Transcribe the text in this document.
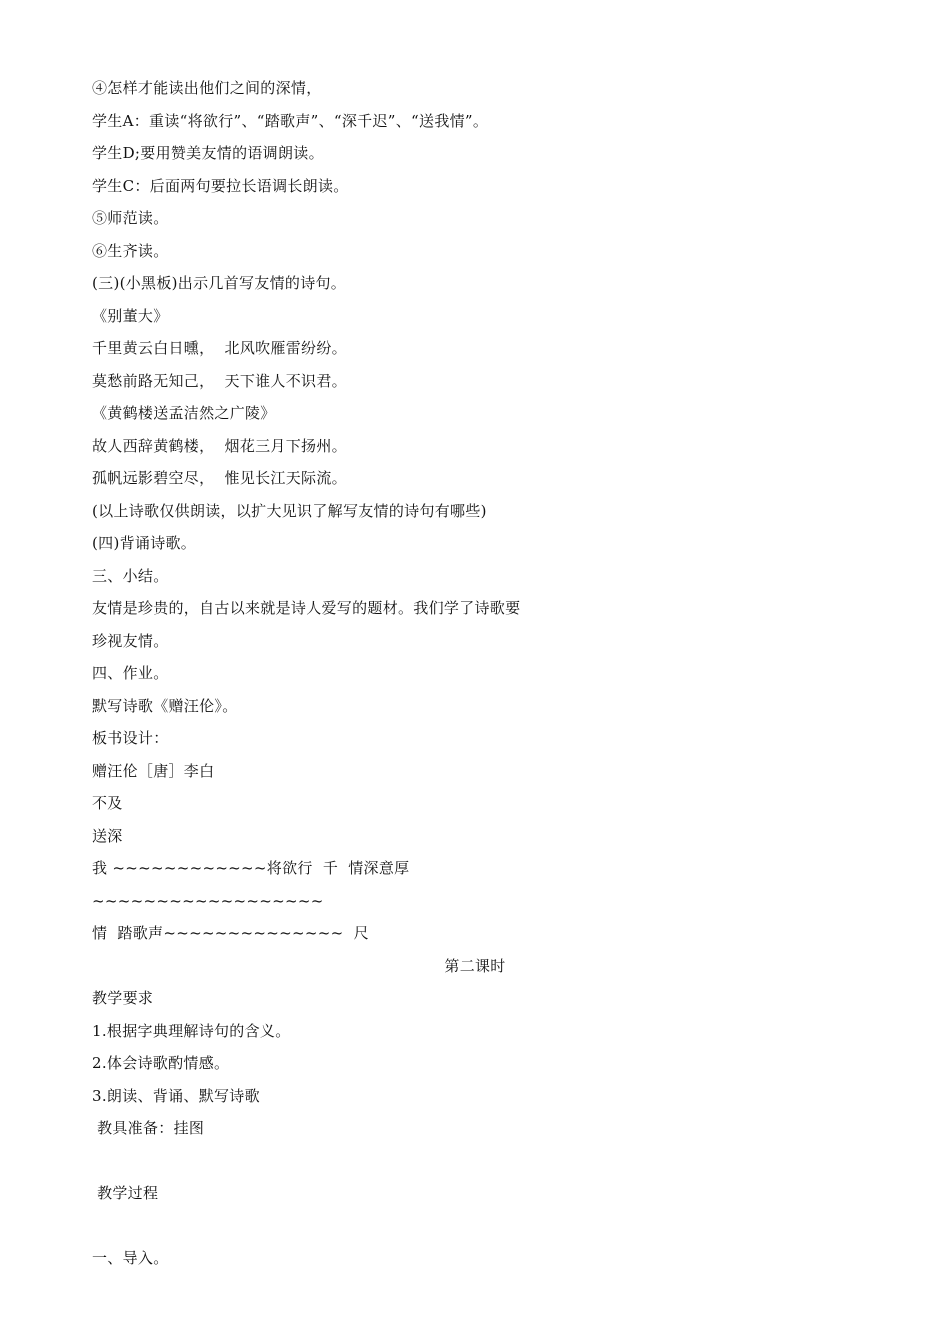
④怎样才能读出他们之间的深情，
学生A：重读“将欲行”、“踏歌声”、“深千迟”、“送我情”。
学生D;要用赞美友情的语调朗读。
学生C：后面两句要拉长语调长朗读。
⑤师范读。
⑥生齐读。
(三)(小黑板)出示几首写友情的诗句。
《别董大》
千里黄云白日曛，  北风吹雁雷纷纷。
莫愁前路无知己，  天下谁人不识君。
《黄鹤楼送孟洁然之广陵》
故人西辞黄鹤楼，  烟花三月下扬州。
孤帆远影碧空尽，  惟见长江天际流。
(以上诗歌仅供朗读，以扩大见识了解写友情的诗句有哪些)
(四)背诵诗歌。
三、小结。
友情是珍贵的，自古以来就是诗人爱写的题材。我们学了诗歌要
珍视友情。
四、作业。
默写诗歌《赠汪伦》。
板书设计：
赠汪伦［唐］李白
不及
送深
我 ~~~~~~~~~~~~将欲行  千  情深意厚
~~~~~~~~~~~~~~~~~~
情  踏歌声~~~~~~~~~~~~~~  尺
第二课时
教学要求
1.根据字典理解诗句的含义。
2.体会诗歌酌情感。
3.朗读、背诵、默写诗歌
教具准备：挂图
教学过程
一、导入。
